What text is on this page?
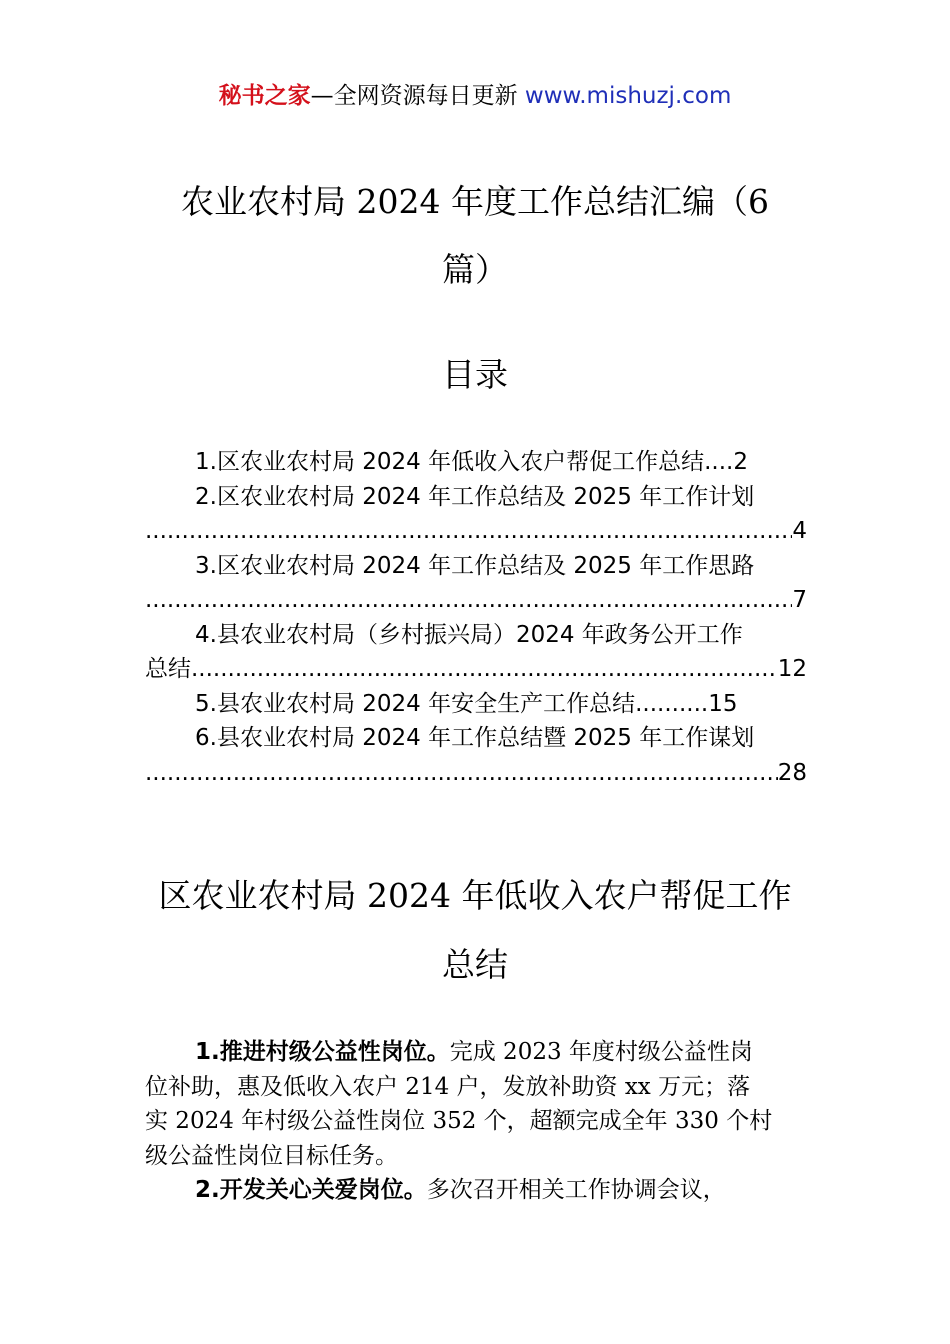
秘书之家—全网资源每日更新 www.mishuzj.com
农业农村局 2024 年度工作总结汇编（6
篇）
目录
1.区农业农村局 2024 年低收入农户帮促工作总结....2
2.区农业农村局 2024 年工作总结及 2025 年工作计划
.....
4
3.区农业农村局 2024 年工作总结及 2025 年工作思路
.....
7
4.县农业农村局（乡村振兴局）2024 年政务公开工作
总结 .....	12
5.县农业农村局 2024 年安全生产工作总结..........15
6.县农业农村局 2024 年工作总结暨 2025 年工作谋划
.....
28
区农业农村局 2024 年低收入农户帮促工作
总结
1.推进村级公益性岗位。完成 2023 年度村级公益性岗
位补助，惠及低收入农户 214 户，发放补助资 xx 万元；落
实 2024 年村级公益性岗位 352 个，超额完成全年 330 个村
级公益性岗位目标任务。
2.开发关心关爱岗位。多次召开相关工作协调会议，
